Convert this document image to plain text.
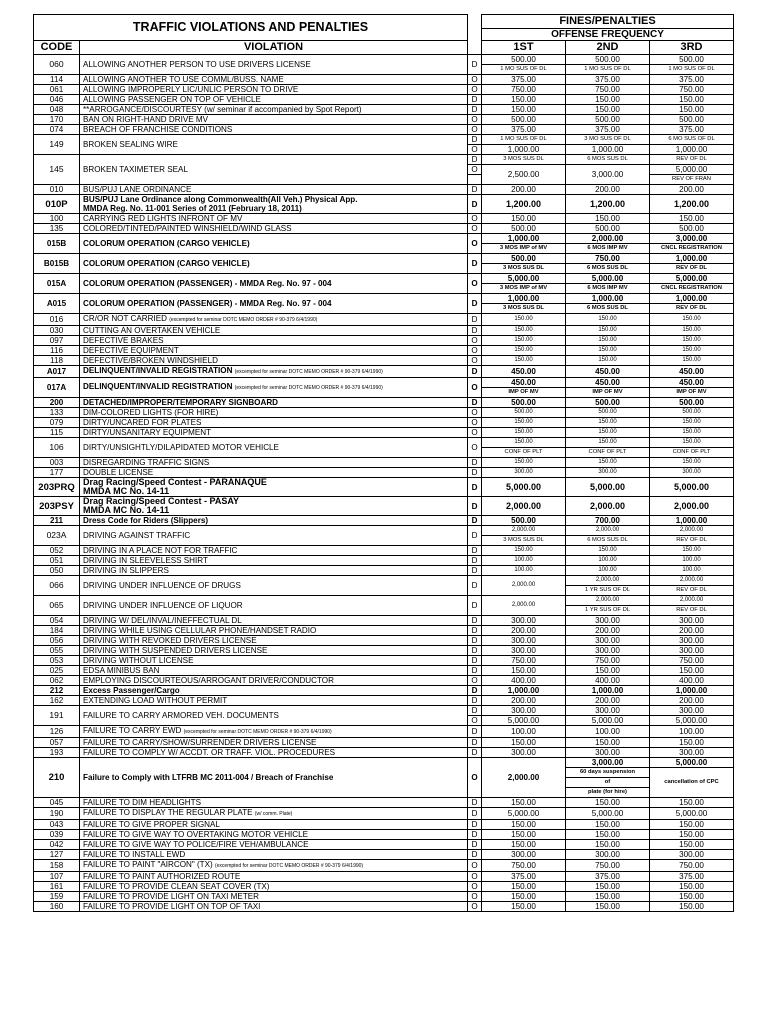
TRAFFIC VIOLATIONS AND PENALTIES			FINES/PENALTIES		
			OFFENSE FREQUENCY		
CODE	VIOLATION		1ST	2ND	3RD
060	ALLOWING ANOTHER PERSON TO USE DRIVERS LICENSE	D	500.00	500.00	500.00
			1 MO SUS OF DL	1 MO SUS OF DL	1 MO SUS OF DL
114	ALLOWING ANOTHER TO USE COMML/BUSS. NAME	O	375.00	375.00	375.00
061	ALLOWING IMPROPERLY LIC/UNLIC PERSON TO DRIVE	O	750.00	750.00	750.00
046	ALLOWING PASSENGER ON TOP OF VEHICLE	D	150.00	150.00	150.00
048	**ARROGANCE/DISCOURTESY (w/ seminar if accompanied by Spot Report)	D	150.00	150.00	150.00
170	BAN ON RIGHT-HAND DRIVE MV	O	500.00	500.00	500.00
074	BREACH OF FRANCHISE CONDITIONS	O	375.00	375.00	375.00
149	BROKEN SEALING WIRE	D	1 MO SUS OF DL	3 MO SUS OF DL	6 MO SUS OF DL
		O	1,000.00	1,000.00	1,000.00
145	BROKEN TAXIMETER SEAL	D	3 MOS SUS DL	6 MOS SUS DL	REV OF DL
		O	2,500.00	3,000.00	5,000.00
					REV OF FRAN
010	BUS/PUJ LANE ORDINANCE	D	200.00	200.00	200.00
010P	BUS/PUJ Lane Ordinance along Commonwealth(All Veh.) Physical App.
MMDA Reg. No. 11-001 Series of 2011 (February 18, 2011)	D	1,200.00	1,200.00	1,200.00

100	CARRYING RED LIGHTS INFRONT OF MV	O	150.00	150.00	150.00
135	COLORED/TINTED/PAINTED WINSHIELD/WIND GLASS	O	500.00	500.00	500.00
015B	COLORUM OPERATION (CARGO VEHICLE)	O	1,000.00	2,000.00	3,000.00
			3 MOS IMP of MV	6 MOS IMP MV	CNCL REGISTRATION
B015B	COLORUM OPERATION (CARGO VEHICLE)	D	500.00	750.00	1,000.00
			3 MOS SUS DL	6 MOS SUS DL	REV OF DL
015A	COLORUM OPERATION (PASSENGER) - MMDA Reg. No. 97 - 004	O	5,000.00	5,000.00	5,000.00
			3 MOS IMP of MV	6 MOS IMP MV	CNCL REGISTRATION
A015	COLORUM OPERATION (PASSENGER) - MMDA Reg. No. 97 - 004	D	1,000.00	1,000.00	1,000.00
			3 MOS SUS DL	6 MOS SUS DL	REV OF DL
016	CR/OR NOT CARRIED (excempted for seminar DOTC MEMO ORDER # 90-379 6/4/1990)	D	150.00	150.00	150.00
030	CUTTING AN OVERTAKEN VEHICLE	D	150.00	150.00	150.00
097	DEFECTIVE BRAKES	O	150.00	150.00	150.00
116	DEFECTIVE EQUIPMENT	O	150.00	150.00	150.00
118	DEFECTIVE/BROKEN WINDSHIELD	O	150.00	150.00	150.00
A017	DELINQUENT/INVALID REGISTRATION (excempted for seminar DOTC MEMO ORDER # 90-379 6/4/1990)	D	450.00	450.00	450.00
017A	DELINQUENT/INVALID REGISTRATION (excempted for seminar DOTC MEMO ORDER # 90-379 6/4/1990)	O	450.00	450.00	450.00
			IMP OF MV	IMP OF MV	IMP OF MV
200	DETACHED/IMPROPER/TEMPORARY SIGNBOARD	D	500.00	500.00	500.00
133	DIM-COLORED LIGHTS (FOR HIRE)	O	500.00	500.00	500.00
079	DIRTY/UNCARED FOR PLATES	O	150.00	150.00	150.00
115	DIRTY/UNSANITARY EQUIPMENT	O	150.00	150.00	150.00
106	DIRTY/UNSIGHTLY/DILAPIDATED MOTOR VEHICLE	O	150.00	150.00	150.00
			CONF OF PLT	CONF OF PLT	CONF OF PLT
003	DISREGARDING TRAFFIC SIGNS	D	150.00	150.00	150.00
177	DOUBLE LICENSE	D	300.00	300.00	300.00
203PRQ	Drag Racing/Speed Contest - PARANAQUE
MMDA MC No. 14-11	D	5,000.00	5,000.00	5,000.00

203PSY	Drag Racing/Speed Contest - PASAY
MMDA MC No. 14-11	D	2,000.00	2,000.00	2,000.00

211	Dress Code for Riders (Slippers)	D	500.00	700.00	1,000.00
023A	DRIVING AGAINST TRAFFIC	D	2,000.00	2,000.00	2,000.00
			3 MOS SUS DL	6 MOS SUS DL	REV OF DL
052	DRIVING IN A PLACE NOT FOR TRAFFIC	D	150.00	150.00	150.00
051	DRIVING IN SLEEVELESS SHIRT	D	100.00	100.00	100.00
050	DRIVING IN SLIPPERS	D	100.00	100.00	100.00
066	DRIVING UNDER INFLUENCE OF DRUGS	D	2,000.00	2,000.00	2,000.00
				1 YR SUS OF DL	REV OF DL
065	DRIVING UNDER INFLUENCE OF LIQUOR	D	2,000.00	2,000.00	2,000.00
				1 YR SUS OF DL	REV OF DL
054	DRIVING W/ DEL/INVAL/INEFFECTUAL DL	D	300.00	300.00	300.00
184	DRIVING WHILE USING CELLULAR PHONE/HANDSET RADIO	D	200.00	200.00	200.00
056	DRIVING WITH REVOKED DRIVERS LICENSE	D	300.00	300.00	300.00
055	DRIVING WITH SUSPENDED DRIVERS LICENSE	D	300.00	300.00	300.00
053	DRIVING WITHOUT LICENSE	D	750.00	750.00	750.00
025	EDSA MINIBUS BAN	D	150.00	150.00	150.00
062	EMPLOYING DISCOURTEOUS/ARROGANT DRIVER/CONDUCTOR	O	400.00	400.00	400.00
212	Excess Passenger/Cargo	D	1,000.00	1,000.00	1,000.00
162	EXTENDING LOAD WITHOUT PERMIT	D	200.00	200.00	200.00
191	FAILURE TO CARRY ARMORED VEH. DOCUMENTS	D	300.00	300.00	300.00
		O	5,000.00	5,000.00	5,000.00
126	FAILURE TO CARRY EWD (excempted for seminar DOTC MEMO ORDER # 90-379 6/4/1990)	D	100.00	100.00	100.00
057	FAILURE TO CARRY/SHOW/SURRENDER DRIVERS LICENSE	D	150.00	150.00	150.00
193	FAILURE TO COMPLY W/ ACCDT. OR TRAFF. VIOL. PROCEDURES	D	300.00	300.00	300.00
210	Failure to Comply with LTFRB MC 2011-004 / Breach of Franchise	O	2,000.00	3,000.00	5,000.00
				60 days suspension	cancellation of CPC
				of	
				plate (for hire)	
045	FAILURE TO DIM HEADLIGHTS	D	150.00	150.00	150.00
190	FAILURE TO DISPLAY THE REGULAR PLATE (w/ comm. Plate)	D	5,000.00	5,000.00	5,000.00
043	FAILURE TO GIVE PROPER SIGNAL	D	150.00	150.00	150.00
039	FAILURE TO GIVE WAY TO OVERTAKING MOTOR VEHICLE	D	150.00	150.00	150.00
042	FAILURE TO GIVE WAY TO POLICE/FIRE VEH/AMBULANCE	D	150.00	150.00	150.00
127	FAILURE TO INSTALL EWD	D	300.00	300.00	300.00
158	FAILURE TO PAINT "AIRCON" (TX) (excempted for seminar DOTC MEMO ORDER # 90-379 6/4/1990)	O	750.00	750.00	750.00
107	FAILURE TO PAINT AUTHORIZED ROUTE	O	375.00	375.00	375.00
161	FAILURE TO PROVIDE CLEAN SEAT COVER (TX)	O	150.00	150.00	150.00
159	FAILURE TO PROVIDE LIGHT ON TAXI METER	O	150.00	150.00	150.00
160	FAILURE TO PROVIDE LIGHT ON TOP OF TAXI	O	150.00	150.00	150.00
